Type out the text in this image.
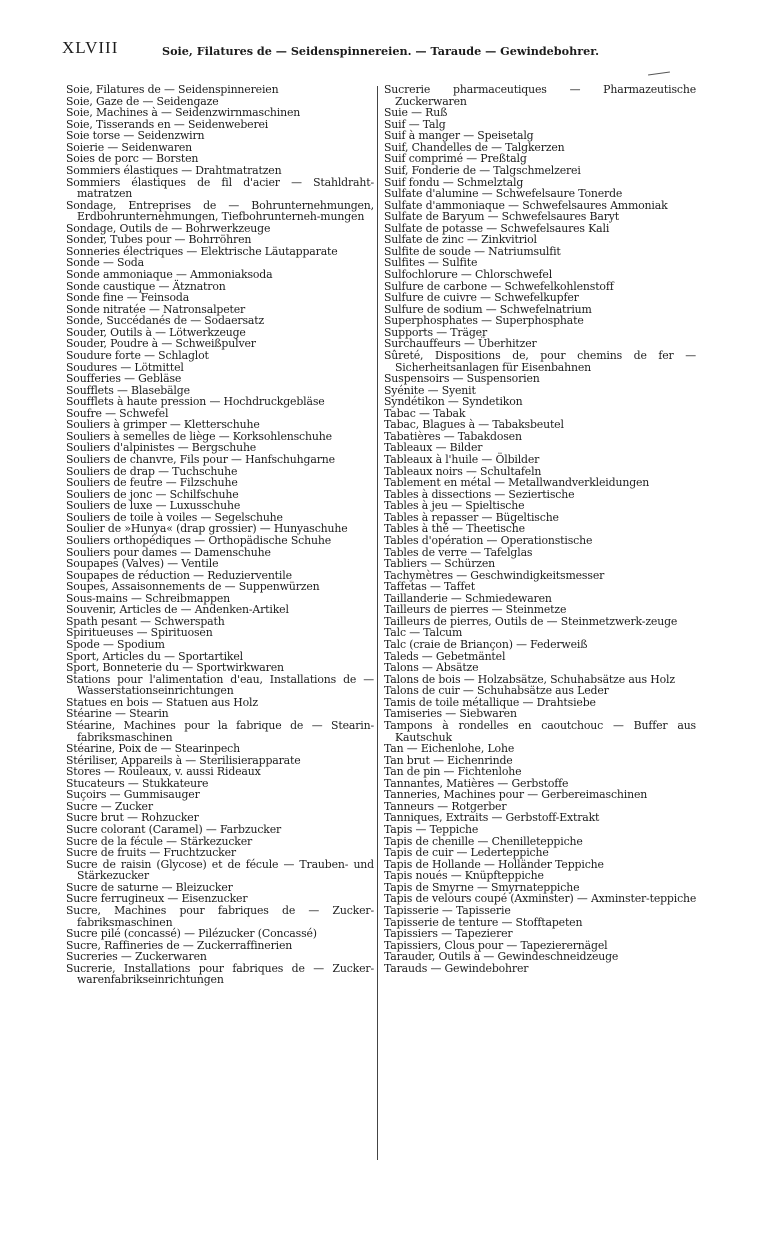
XLVIII	Soie, Filatures de — Seidenspinnereien. — Taraude — Gewindebohrer.
Soie, Filatures de — Seidenspinnereien
Soie, Gaze de — Seidengaze
Soie, Machines à — Seidenzwirnmaschinen
Soie, Tisserands en — Seidenweberei
Soie torse — Seidenzwirn
Soierie — Seidenwaren
Soies de porc — Borsten
Sommiers élastiques — Drahtmatratzen
Sommiers élastiques de fil d'acier — Stahldraht-matratzen
Sondage, Entreprises de — Bohrunternehmungen, Erdbohrunternehmungen, Tiefbohrunterneh-mungen
Sondage, Outils de — Bohrwerkzeuge
Sonder, Tubes pour — Bohrröhren
Sonneries électriques — Elektrische Läutapparate
Sonde — Soda
Sonde ammoniaque — Ammoniaksoda
Sonde caustique — Ätznatron
Sonde fine — Feinsoda
Sonde nitratée — Natronsalpeter
Sonde, Succédanés de — Sodaersatz
Souder, Outils à — Lötwerkzeuge
Souder, Poudre à — Schweißpulver
Soudure forte — Schlaglot
Soudures — Lötmittel
Soufferies — Gebläse
Soufflets — Blasebälge
Soufflets à haute pression — Hochdruckgebläse
Soufre — Schwefel
Souliers à grimper — Kletterschuhe
Souliers à semelles de liège — Korksohlenschuhe
Souliers d'alpinistes — Bergschuhe
Souliers de chanvre, Fils pour — Hanfschuhgarne
Souliers de drap — Tuchschuhe
Souliers de feutre — Filzschuhe
Souliers de jonc — Schilfschuhe
Souliers de luxe — Luxusschuhe
Souliers de toile à voiles — Segelschuhe
Soulier de »Hunya« (drap grossier) — Hunyaschuhe
Souliers orthopédiques — Orthopädische Schuhe
Souliers pour dames — Damenschuhe
Soupapes (Valves) — Ventile
Soupapes de réduction — Reduzierventile
Soupes, Assaisonnements de — Suppenwürzen
Sous-mains — Schreibmappen
Souvenir, Articles de — Andenken-Artikel
Spath pesant — Schwerspath
Spiritueuses — Spirituosen
Spode — Spodium
Sport, Articles du — Sportartikel
Sport, Bonneterie du — Sportwirkwaren
Stations pour l'alimentation d'eau, Installations de — Wasserstationseinrichtungen
Statues en bois — Statuen aus Holz
Stéarine — Stearin
Stéarine, Machines pour la fabrique de — Stearin-fabriksmaschinen
Stéarine, Poix de — Stearinpech
Stériliser, Appareils à — Sterilisierapparate
Stores — Rouleaux, v. aussi Rideaux
Stucateurs — Stukkateure
Suçoirs — Gummisauger
Sucre — Zucker
Sucre brut — Rohzucker
Sucre colorant (Caramel) — Farbzucker
Sucre de la fécule — Stärkezucker
Sucre de fruits — Fruchtzucker
Sucre de raisin (Glycose) et de fécule — Trauben- und Stärkezucker
Sucre de saturne — Bleizucker
Sucre ferrugineux — Eisenzucker
Sucre, Machines pour fabriques de — Zucker-fabriksmaschinen
Sucre pilé (concassé) — Pilézucker (Concassé)
Sucre, Raffineries de — Zuckerraffinerien
Sucreries — Zuckerwaren
Sucrerie, Installations pour fabriques de — Zucker-warenfabrikseinrichtungen
Sucrerie pharmaceutiques — Pharmazeutische Zuckerwaren
Suie — Ruß
Suif — Talg
Suif à manger — Speisetalg
Suif, Chandelles de — Talgkerzen
Suif comprimé — Preßtalg
Suif, Fonderie de — Talgschmelzerei
Suif fondu — Schmelztalg
Sulfate d'alumine — Schwefelsaure Tonerde
Sulfate d'ammoniaque — Schwefelsaures Ammoniak
Sulfate de Baryum — Schwefelsaures Baryt
Sulfate de potasse — Schwefelsaures Kali
Sulfate de zinc — Zinkvitriol
Sulfite de soude — Natriumsulfit
Sulfites — Sulfite
Sulfochlorure — Chlorschwefel
Sulfure de carbone — Schwefelkohlenstoff
Sulfure de cuivre — Schwefelkupfer
Sulfure de sodium — Schwefelnatrium
Superphosphates — Superphosphate
Supports — Träger
Surchauffeurs — Überhitzer
Sûreté, Dispositions de, pour chemins de fer — Sicherheitsanlagen für Eisenbahnen
Suspensoirs — Suspensorien
Syénite — Syenit
Syndétikon — Syndetikon
Tabac — Tabak
Tabac, Blagues à — Tabaksbeutel
Tabatières — Tabakdosen
Tableaux — Bilder
Tableaux à l'huile — Ölbilder
Tableaux noirs — Schultafeln
Tablement en métal — Metallwandverkleidungen
Tables à dissections — Seziertische
Tables à jeu — Spieltische
Tables à repasser — Bügeltische
Tables à thé — Theetische
Tables d'opération — Operationstische
Tables de verre — Tafelglas
Tabliers — Schürzen
Tachymètres — Geschwindigkeitsmesser
Taffetas — Taffet
Taillanderie — Schmiedewaren
Tailleurs de pierres — Steinmetze
Tailleurs de pierres, Outils de — Steinmetzwerk-zeuge
Talc — Talcum
Talc (craie de Briançon) — Federweiß
Taleds — Gebetmäntel
Talons — Absätze
Talons de bois — Holzabsätze, Schuhabsätze aus Holz
Talons de cuir — Schuhabsätze aus Leder
Tamis de toile métallique — Drahtsiebe
Tamiseries — Siebwaren
Tampons à rondelles en caoutchouc — Buffer aus Kautschuk
Tan — Eichenlohe, Lohe
Tan brut — Eichenrinde
Tan de pin — Fichtenlohe
Tannantes, Matières — Gerbstoffe
Tanneries, Machines pour — Gerbereimaschinen
Tanneurs — Rotgerber
Tanniques, Extraits — Gerbstoff-Extrakt
Tapis — Teppiche
Tapis de chenille — Chenilleteppiche
Tapis de cuir — Lederteppiche
Tapis de Hollande — Holländer Teppiche
Tapis noués — Knüpfteppiche
Tapis de Smyrne — Smyrnateppiche
Tapis de velours coupé (Axminster) — Axminster-teppiche
Tapisserie — Tapisserie
Tapisserie de tenture — Stofftapeten
Tapissiers — Tapezierer
Tapissiers, Clous pour — Tapezierernägel
Tarauder, Outils à — Gewindeschneidzeuge
Tarauds — Gewindebohrer
